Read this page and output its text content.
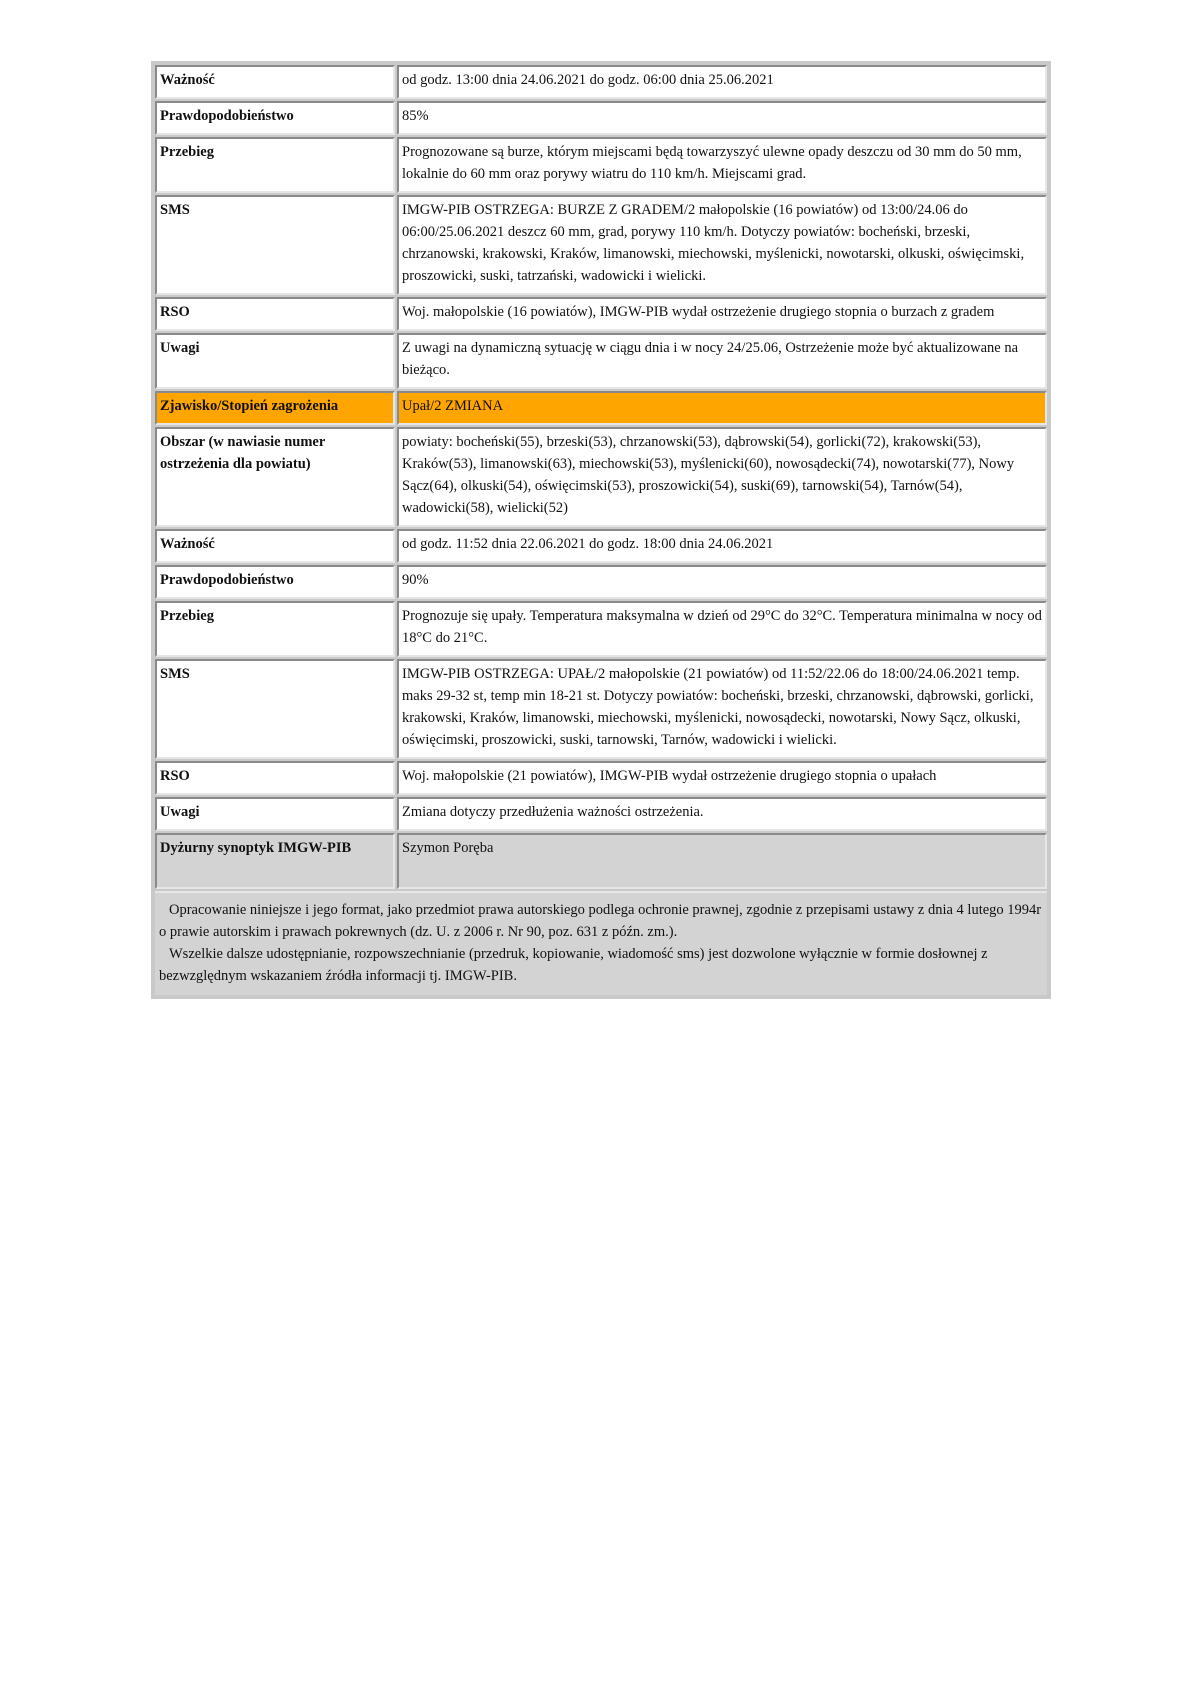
Ważność	od godz. 13:00 dnia 24.06.2021 do godz. 06:00 dnia 25.06.2021
Prawdopodobieństwo	85%
Przebieg	Prognozowane są burze, którym miejscami będą towarzyszyć ulewne opady deszczu od 30 mm do 50 mm, lokalnie do 60 mm oraz porywy wiatru do 110 km/h. Miejscami grad.
SMS	IMGW-PIB OSTRZEGA: BURZE Z GRADEM/2 małopolskie (16 powiatów) od 13:00/24.06 do 06:00/25.06.2021 deszcz 60 mm, grad, porywy 110 km/h. Dotyczy powiatów: bocheński, brzeski, chrzanowski, krakowski, Kraków, limanowski, miechowski, myślenicki, nowotarski, olkuski, oświęcimski, proszowicki, suski, tatrzański, wadowicki i wielicki.
RSO	Woj. małopolskie (16 powiatów), IMGW-PIB wydał ostrzeżenie drugiego stopnia o burzach z gradem
Uwagi	Z uwagi na dynamiczną sytuację w ciągu dnia i w nocy 24/25.06, Ostrzeżenie może być aktualizowane na bieżąco.
Zjawisko/Stopień zagrożenia	Upał/2 ZMIANA
Obszar (w nawiasie numer ostrzeżenia dla powiatu)	powiaty: bocheński(55), brzeski(53), chrzanowski(53), dąbrowski(54), gorlicki(72), krakowski(53), Kraków(53), limanowski(63), miechowski(53), myślenicki(60), nowosądecki(74), nowotarski(77), Nowy Sącz(64), olkuski(54), oświęcimski(53), proszowicki(54), suski(69), tarnowski(54), Tarnów(54), wadowicki(58), wielicki(52)
Ważność	od godz. 11:52 dnia 22.06.2021 do godz. 18:00 dnia 24.06.2021
Prawdopodobieństwo	90%
Przebieg	Prognozuje się upały. Temperatura maksymalna w dzień od 29°C do 32°C. Temperatura minimalna w nocy od 18°C do 21°C.
SMS	IMGW-PIB OSTRZEGA: UPAŁ/2 małopolskie (21 powiatów) od 11:52/22.06 do 18:00/24.06.2021 temp. maks 29-32 st, temp min 18-21 st. Dotyczy powiatów: bocheński, brzeski, chrzanowski, dąbrowski, gorlicki, krakowski, Kraków, limanowski, miechowski, myślenicki, nowosądecki, nowotarski, Nowy Sącz, olkuski, oświęcimski, proszowicki, suski, tarnowski, Tarnów, wadowicki i wielicki.
RSO	Woj. małopolskie (21 powiatów), IMGW-PIB wydał ostrzeżenie drugiego stopnia o upałach
Uwagi	Zmiana dotyczy przedłużenia ważności ostrzeżenia.
Dyżurny synoptyk IMGW-PIB	Szymon Poręba

Opracowanie niniejsze i jego format, jako przedmiot prawa autorskiego podlega ochronie prawnej, zgodnie z przepisami ustawy z dnia 4 lutego 1994r o prawie autorskim i prawach pokrewnych (dz. U. z 2006 r. Nr 90, poz. 631 z późn. zm.).

Wszelkie dalsze udostępnianie, rozpowszechnianie (przedruk, kopiowanie, wiadomość sms) jest dozwolone wyłącznie w formie dosłownej z bezwzględnym wskazaniem źródła informacji tj. IMGW-PIB.
